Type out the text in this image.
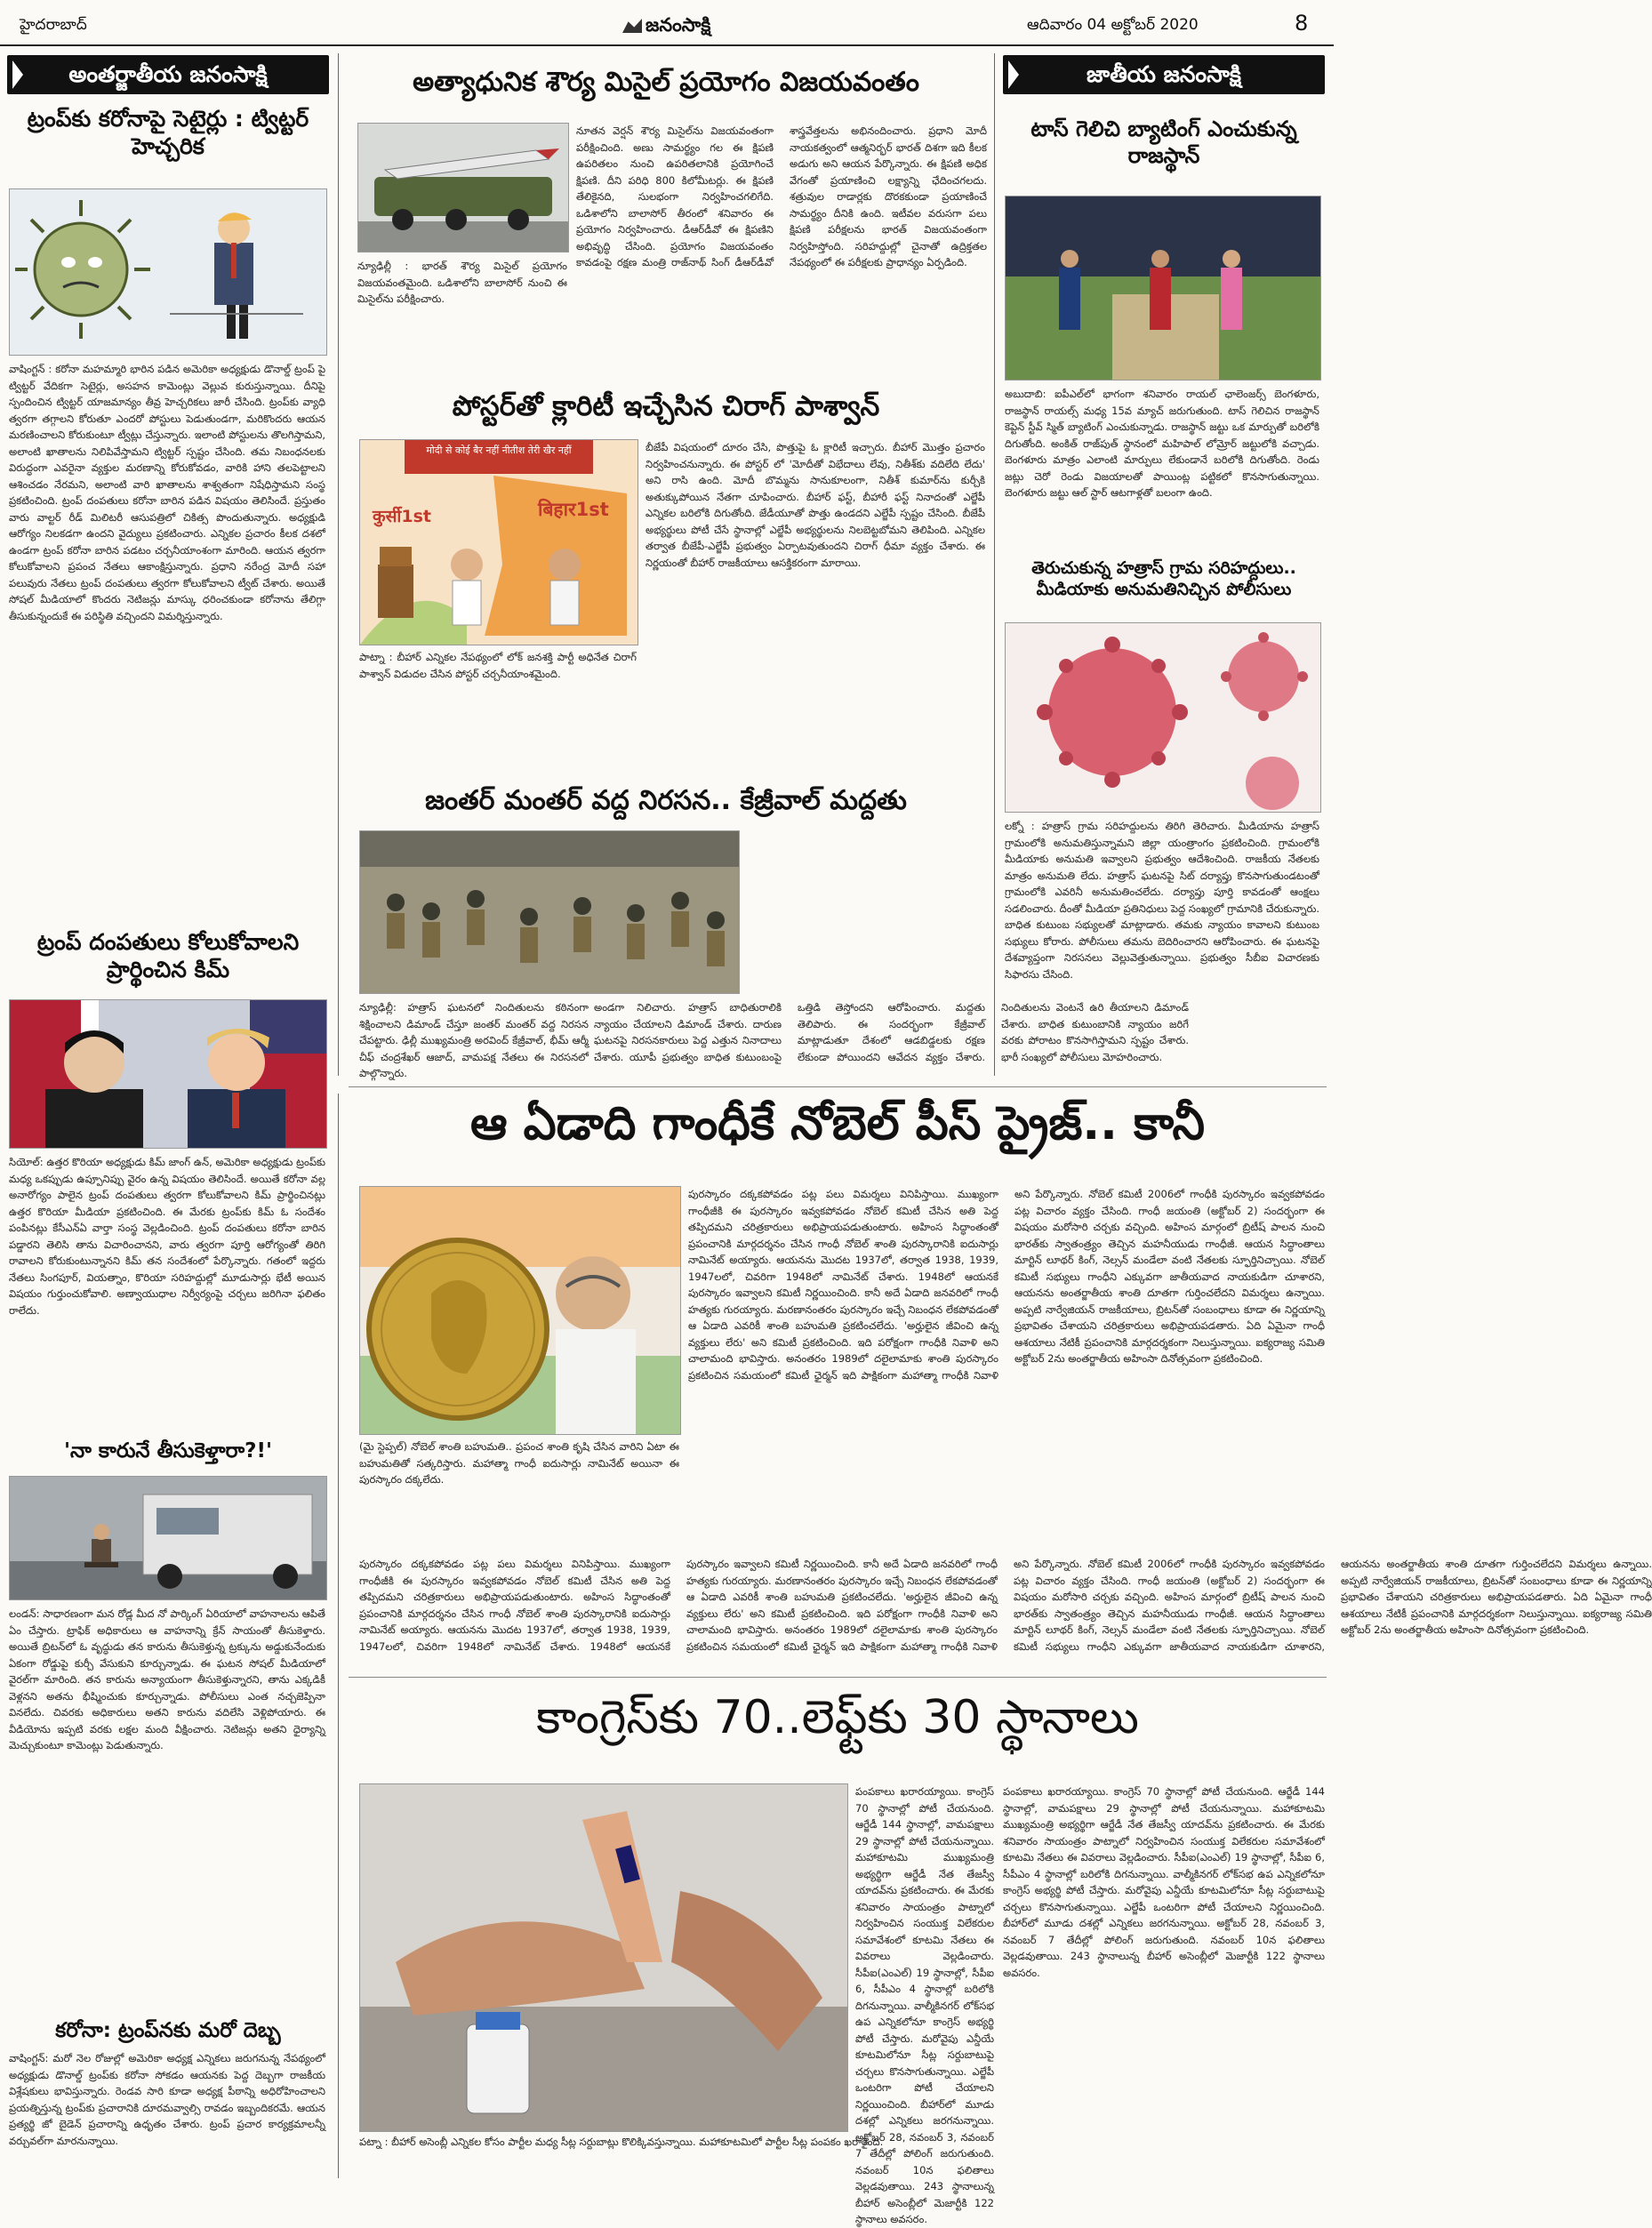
హైదరాబాద్	జనంసాక్షి	ఆదివారం 04 అక్టోబర్ 2020	8
అంతర్జాతీయ జనంసాక్షి
ట్రంప్‌కు కరోనాపై సెటైర్లు : ట్విట్టర్ హెచ్చరిక
వాషింగ్టన్ : కరోనా మహమ్మారి భారిన పడిన అమెరికా అధ్యక్షుడు డొనాల్డ్ ట్రంప్ పై ట్విట్టర్ వేదికగా సెటైర్లు, అసహన కామెంట్లు వెల్లువ కురుస్తున్నాయి. దీనిపై స్పందించిన ట్విట్టర్ యాజమాన్యం తీవ్ర హెచ్చరికలు జారీ చేసింది. ట్రంప్‌కు వ్యాధి త్వరగా తగ్గాలని కోరుతూ ఎందరో పోస్టులు పెడుతుండగా, మరికొందరు ఆయన మరణించాలని కోరుకుంటూ ట్వీట్లు చేస్తున్నారు. ఇలాంటి పోస్టులను తొలగిస్తామని, అలాంటి ఖాతాలను నిలిపివేస్తామని ట్విట్టర్ స్పష్టం చేసింది. తమ నిబంధనలకు విరుద్ధంగా ఎవరైనా వ్యక్తుల మరణాన్ని కోరుకోవడం, వారికి హాని తలపెట్టాలని ఆశించడం నేరమని, అలాంటి వారి ఖాతాలను శాశ్వతంగా నిషేధిస్తామని సంస్థ ప్రకటించింది. ట్రంప్ దంపతులు కరోనా బారిన పడిన విషయం తెలిసిందే. ప్రస్తుతం వారు వాల్టర్ రీడ్ మిలిటరీ ఆసుపత్రిలో చికిత్స పొందుతున్నారు. అధ్యక్షుడి ఆరోగ్యం నిలకడగా ఉందని వైద్యులు ప్రకటించారు. ఎన్నికల ప్రచారం కీలక దశలో ఉండగా ట్రంప్ కరోనా బారిన పడటం చర్చనీయాంశంగా మారింది. ఆయన త్వరగా కోలుకోవాలని ప్రపంచ నేతలు ఆకాంక్షిస్తున్నారు. ప్రధాని నరేంద్ర మోదీ సహా పలువురు నేతలు ట్రంప్ దంపతులు త్వరగా కోలుకోవాలని ట్వీట్ చేశారు. అయితే సోషల్ మీడియాలో కొందరు నెటిజన్లు మాస్కు ధరించకుండా కరోనాను తేలిగ్గా తీసుకున్నందుకే ఈ పరిస్థితి వచ్చిందని విమర్శిస్తున్నారు.
ట్రంప్ దంపతులు కోలుకోవాలని ప్రార్థించిన కిమ్
సియోల్: ఉత్తర కొరియా అధ్యక్షుడు కిమ్ జాంగ్ ఉన్, అమెరికా అధ్యక్షుడు ట్రంప్‌కు మధ్య ఒకప్పుడు ఉప్పూనిప్పు వైరం ఉన్న విషయం తెలిసిందే. అయితే కరోనా వల్ల అనారోగ్యం పాలైన ట్రంప్ దంపతులు త్వరగా కోలుకోవాలని కిమ్ ప్రార్థించినట్లు ఉత్తర కొరియా మీడియా ప్రకటించింది. ఈ మేరకు ట్రంప్‌కు కిమ్ ఓ సందేశం పంపినట్లు కేసీఎన్ఏ వార్తా సంస్థ వెల్లడించింది. ట్రంప్ దంపతులు కరోనా బారిన పడ్డారని తెలిసి తాను విచారించానని, వారు త్వరగా పూర్తి ఆరోగ్యంతో తిరిగి రావాలని కోరుకుంటున్నానని కిమ్ తన సందేశంలో పేర్కొన్నారు. గతంలో ఇద్దరు నేతలు సింగపూర్, వియత్నాం, కొరియా సరిహద్దుల్లో మూడుసార్లు భేటీ అయిన విషయం గుర్తుంచుకోవాలి. అణ్వాయుధాల నిర్వీర్యంపై చర్చలు జరిగినా ఫలితం రాలేదు.
'నా కారునే తీసుకెళ్తారా?!'
లండన్: సాధారణంగా మన రోడ్ల మీద నో పార్కింగ్ ఏరియాలో వాహనాలను ఆపితే ఏం చేస్తారు. ట్రాఫిక్ అధికారులు ఆ వాహనాన్ని క్రేన్ సాయంతో తీసుకెళ్తారు. అయితే బ్రిటన్‌లో ఓ వృద్ధుడు తన కారును తీసుకెళ్తున్న ట్రక్కును అడ్డుకునేందుకు ఏకంగా రోడ్డుపై కుర్చీ వేసుకుని కూర్చున్నాడు. ఈ ఘటన సోషల్ మీడియాలో వైరల్‌గా మారింది. తన కారును అన్యాయంగా తీసుకెళ్తున్నారని, తాను ఎక్కడికీ వెళ్లనని అతను భీష్మించుకు కూర్చున్నాడు. పోలీసులు ఎంత నచ్చజెప్పినా వినలేదు. చివరకు అధికారులు అతని కారును వదిలేసి వెళ్లిపోయారు. ఈ వీడియోను ఇప్పటి వరకు లక్షల మంది వీక్షించారు. నెటిజన్లు అతని ధైర్యాన్ని మెచ్చుకుంటూ కామెంట్లు పెడుతున్నారు.
కరోనా: ట్రంప్‌నకు మరో దెబ్బ
వాషింగ్టన్: మరో నెల రోజుల్లో అమెరికా అధ్యక్ష ఎన్నికలు జరుగనున్న నేపథ్యంలో అధ్యక్షుడు డొనాల్డ్ ట్రంప్‌కు కరోనా సోకడం ఆయనకు పెద్ద దెబ్బగా రాజకీయ విశ్లేషకులు భావిస్తున్నారు. రెండవ సారి కూడా అధ్యక్ష పీఠాన్ని అధిరోహించాలని ప్రయత్నిస్తున్న ట్రంప్‌కు ప్రచారానికి దూరమవ్వాల్సి రావడం ఇబ్బందికరమే. ఆయన ప్రత్యర్థి జో బైడెన్ ప్రచారాన్ని ఉధృతం చేశారు. ట్రంప్ ప్రచార కార్యక్రమాలన్నీ వర్చువల్‌గా మారనున్నాయి.
అత్యాధునిక శౌర్య మిసైల్ ప్రయోగం విజయవంతం
న్యూఢిల్లీ : భారత్ శౌర్య మిసైల్ ప్రయోగం విజయవంతమైంది. ఒడిశాలోని బాలాసోర్ నుంచి ఈ మిసైల్‌ను పరీక్షించారు.
నూతన వెర్షన్ శౌర్య మిసైల్‌ను విజయవంతంగా పరీక్షించింది. అణు సామర్థ్యం గల ఈ క్షిపణి ఉపరితలం నుంచి ఉపరితలానికి ప్రయోగించే క్షిపణి. దీని పరిధి 800 కిలోమీటర్లు. ఈ క్షిపణి తేలికైనది, సులభంగా నిర్వహించగలిగేది. ఒడిశాలోని బాలాసోర్ తీరంలో శనివారం ఈ ప్రయోగం నిర్వహించారు. డీఆర్‌డీవో ఈ క్షిపణిని అభివృద్ధి చేసింది. ప్రయోగం విజయవంతం కావడంపై రక్షణ మంత్రి రాజ్‌నాథ్ సింగ్ డీఆర్‌డీవో శాస్త్రవేత్తలను అభినందించారు. ప్రధాని మోదీ నాయకత్వంలో ఆత్మనిర్భర్ భారత్ దిశగా ఇది కీలక అడుగు అని ఆయన పేర్కొన్నారు. ఈ క్షిపణి అధిక వేగంతో ప్రయాణించి లక్ష్యాన్ని ఛేదించగలదు. శత్రువుల రాడార్లకు దొరకకుండా ప్రయాణించే సామర్థ్యం దీనికి ఉంది. ఇటీవల వరుసగా పలు క్షిపణి పరీక్షలను భారత్ విజయవంతంగా నిర్వహిస్తోంది. సరిహద్దుల్లో చైనాతో ఉద్రిక్తతల నేపథ్యంలో ఈ పరీక్షలకు ప్రాధాన్యం ఏర్పడింది.
పోస్టర్‌తో క్లారిటీ ఇచ్చేసిన చిరాగ్ పాశ్వాన్
मोदी से कोई बैर नहीं नीतीश तेरी खैर नहीं
कुर्सी1st	बिहार1st
పాట్నా : బీహార్ ఎన్నికల నేపథ్యంలో లోక్ జనశక్తి పార్టీ అధినేత చిరాగ్ పాశ్వాన్ విడుదల చేసిన పోస్టర్ చర్చనీయాంశమైంది.
బీజేపీ విషయంలో దూరం చేసి, పొత్తుపై ఓ క్లారిటీ ఇచ్చారు. బీహార్ మొత్తం ప్రచారం నిర్వహించనున్నారు. ఈ పోస్టర్ లో 'మోదీతో విభేదాలు లేవు, నితీశ్‌కు వదిలేది లేదు' అని రాసి ఉంది. మోదీ బొమ్మను సానుకూలంగా, నితీశ్ కుమార్‌ను కుర్చీకి అతుక్కుపోయిన నేతగా చూపించారు. బీహార్ ఫస్ట్, బీహారీ ఫస్ట్ నినాదంతో ఎల్జేపీ ఎన్నికల బరిలోకి దిగుతోంది. జేడీయూతో పొత్తు ఉండదని ఎల్జేపీ స్పష్టం చేసింది. బీజేపీ అభ్యర్థులు పోటీ చేసే స్థానాల్లో ఎల్జేపీ అభ్యర్థులను నిలబెట్టబోమని తెలిపింది. ఎన్నికల తర్వాత బీజేపీ-ఎల్జేపీ ప్రభుత్వం ఏర్పాటవుతుందని చిరాగ్ ధీమా వ్యక్తం చేశారు. ఈ నిర్ణయంతో బీహార్ రాజకీయాలు ఆసక్తికరంగా మారాయి.
జంతర్ మంతర్ వద్ద నిరసన.. కేజ్రీవాల్ మద్దతు
న్యూఢిల్లీ: హత్రాస్ ఘటనలో నిందితులను కఠినంగా శిక్షించాలని డిమాండ్ చేస్తూ జంతర్ మంతర్ వద్ద నిరసన చేపట్టారు. ఢిల్లీ ముఖ్యమంత్రి అరవింద్ కేజ్రీవాల్, భీమ్ ఆర్మీ చీఫ్ చంద్రశేఖర్ ఆజాద్, వామపక్ష నేతలు ఈ నిరసనలో పాల్గొన్నారు.
అండగా నిలిచారు. హత్రాస్ బాధితురాలికి న్యాయం చేయాలని డిమాండ్ చేశారు. దారుణ ఘటనపై నిరసనకారులు పెద్ద ఎత్తున నినాదాలు చేశారు. యూపీ ప్రభుత్వం బాధిత కుటుంబంపై ఒత్తిడి తెస్తోందని ఆరోపించారు. మద్దతు తెలిపారు. ఈ సందర్భంగా కేజ్రీవాల్ మాట్లాడుతూ దేశంలో ఆడబిడ్డలకు రక్షణ లేకుండా పోయిందని ఆవేదన వ్యక్తం చేశారు. నిందితులను వెంటనే ఉరి తీయాలని డిమాండ్ చేశారు. బాధిత కుటుంబానికి న్యాయం జరిగే వరకు పోరాటం కొనసాగిస్తామని స్పష్టం చేశారు. భారీ సంఖ్యలో పోలీసులు మోహరించారు.
జాతీయ జనంసాక్షి
టాస్ గెలిచి బ్యాటింగ్ ఎంచుకున్న రాజస్థాన్
అబుదాబి: ఐపీఎల్‌లో భాగంగా శనివారం రాయల్ ఛాలెంజర్స్ బెంగళూరు, రాజస్థాన్ రాయల్స్ మధ్య 15వ మ్యాచ్ జరుగుతుంది. టాస్ గెలిచిన రాజస్థాన్ కెప్టెన్ స్టీవ్ స్మిత్ బ్యాటింగ్ ఎంచుకున్నాడు. రాజస్థాన్ జట్టు ఒక మార్పుతో బరిలోకి దిగుతోంది. అంకిత్ రాజ్‌పుత్ స్థానంలో మహిపాల్ లోమ్రోర్ జట్టులోకి వచ్చాడు. బెంగళూరు మాత్రం ఎలాంటి మార్పులు లేకుండానే బరిలోకి దిగుతోంది. రెండు జట్లు చెరో రెండు విజయాలతో పాయింట్ల పట్టికలో కొనసాగుతున్నాయి. బెంగళూరు జట్టు ఆల్ స్టార్ ఆటగాళ్లతో బలంగా ఉంది.
తెరుచుకున్న హత్రాస్ గ్రామ సరిహద్దులు.. మీడియాకు అనుమతినిచ్చిన పోలీసులు
లక్నో : హత్రాస్ గ్రామ సరిహద్దులను తిరిగి తెరిచారు. మీడియాను హత్రాస్ గ్రామంలోకి అనుమతిస్తున్నామని జిల్లా యంత్రాంగం ప్రకటించింది. గ్రామంలోకి మీడియాకు అనుమతి ఇవ్వాలని ప్రభుత్వం ఆదేశించింది. రాజకీయ నేతలకు మాత్రం అనుమతి లేదు. హత్రాస్ ఘటనపై సిట్ దర్యాప్తు కొనసాగుతుండటంతో గ్రామంలోకి ఎవరినీ అనుమతించలేదు. దర్యాప్తు పూర్తి కావడంతో ఆంక్షలు సడలించారు. దీంతో మీడియా ప్రతినిధులు పెద్ద సంఖ్యలో గ్రామానికి చేరుకున్నారు. బాధిత కుటుంబ సభ్యులతో మాట్లాడారు. తమకు న్యాయం కావాలని కుటుంబ సభ్యులు కోరారు. పోలీసులు తమను బెదిరించారని ఆరోపించారు. ఈ ఘటనపై దేశవ్యాప్తంగా నిరసనలు వెల్లువెత్తుతున్నాయి. ప్రభుత్వం సీబీఐ విచారణకు సిఫారసు చేసింది.
ఆ ఏడాది గాంధీకే నోబెల్ పీస్ ప్రైజ్.. కానీ
(మై స్టెప్పల్) నోబెల్ శాంతి బహుమతి.. ప్రపంచ శాంతి కృషి చేసిన వారిని ఏటా ఈ బహుమతితో సత్కరిస్తారు. మహాత్మా గాంధీ ఐదుసార్లు నామినేట్ అయినా ఈ పురస్కారం దక్కలేదు.
పురస్కారం దక్కకపోవడం పట్ల పలు విమర్శలు వినిపిస్తాయి. ముఖ్యంగా గాంధీజీకి ఈ పురస్కారం ఇవ్వకపోవడం నోబెల్ కమిటీ చేసిన అతి పెద్ద తప్పిదమని చరిత్రకారులు అభిప్రాయపడుతుంటారు. అహింస సిద్ధాంతంతో ప్రపంచానికి మార్గదర్శనం చేసిన గాంధీ నోబెల్ శాంతి పురస్కారానికి ఐదుసార్లు నామినేట్ అయ్యారు. ఆయనను మొదట 1937లో, తర్వాత 1938, 1939, 1947లలో, చివరిగా 1948లో నామినేట్ చేశారు. 1948లో ఆయనకే పురస్కారం ఇవ్వాలని కమిటీ నిర్ణయించింది. కానీ అదే ఏడాది జనవరిలో గాంధీ హత్యకు గురయ్యారు. మరణానంతరం పురస్కారం ఇచ్చే నిబంధన లేకపోవడంతో ఆ ఏడాది ఎవరికీ శాంతి బహుమతి ప్రకటించలేదు. 'అర్హులైన జీవించి ఉన్న వ్యక్తులు లేరు' అని కమిటీ ప్రకటించింది. ఇది పరోక్షంగా గాంధీకి నివాళి అని చాలామంది భావిస్తారు. అనంతరం 1989లో దలైలామాకు శాంతి పురస్కారం ప్రకటించిన సమయంలో కమిటీ ఛైర్మన్ ఇది పాక్షికంగా మహాత్మా గాంధీకి నివాళి అని పేర్కొన్నారు. నోబెల్ కమిటీ 2006లో గాంధీకి పురస్కారం ఇవ్వకపోవడం పట్ల విచారం వ్యక్తం చేసింది. గాంధీ జయంతి (అక్టోబర్ 2) సందర్భంగా ఈ విషయం మరోసారి చర్చకు వచ్చింది. అహింస మార్గంలో బ్రిటీష్ పాలన నుంచి భారత్‌కు స్వాతంత్ర్యం తెచ్చిన మహనీయుడు గాంధీజీ. ఆయన సిద్ధాంతాలు మార్టిన్ లూథర్ కింగ్, నెల్సన్ మండేలా వంటి నేతలకు స్ఫూర్తినిచ్చాయి. నోబెల్ కమిటీ సభ్యులు గాంధీని ఎక్కువగా జాతీయవాద నాయకుడిగా చూశారని, ఆయనను అంతర్జాతీయ శాంతి దూతగా గుర్తించలేదని విమర్శలు ఉన్నాయి. అప్పటి నార్వేజియన్ రాజకీయాలు, బ్రిటన్‌తో సంబంధాలు కూడా ఈ నిర్ణయాన్ని ప్రభావితం చేశాయని చరిత్రకారులు అభిప్రాయపడతారు. ఏది ఏమైనా గాంధీ ఆశయాలు నేటికీ ప్రపంచానికి మార్గదర్శకంగా నిలుస్తున్నాయి. ఐక్యరాజ్య సమితి అక్టోబర్ 2ను అంతర్జాతీయ అహింసా దినోత్సవంగా ప్రకటించింది.
పురస్కారం దక్కకపోవడం పట్ల పలు విమర్శలు వినిపిస్తాయి. ముఖ్యంగా గాంధీజీకి ఈ పురస్కారం ఇవ్వకపోవడం నోబెల్ కమిటీ చేసిన అతి పెద్ద తప్పిదమని చరిత్రకారులు అభిప్రాయపడుతుంటారు. అహింస సిద్ధాంతంతో ప్రపంచానికి మార్గదర్శనం చేసిన గాంధీ నోబెల్ శాంతి పురస్కారానికి ఐదుసార్లు నామినేట్ అయ్యారు. ఆయనను మొదట 1937లో, తర్వాత 1938, 1939, 1947లలో, చివరిగా 1948లో నామినేట్ చేశారు. 1948లో ఆయనకే పురస్కారం ఇవ్వాలని కమిటీ నిర్ణయించింది. కానీ అదే ఏడాది జనవరిలో గాంధీ హత్యకు గురయ్యారు. మరణానంతరం పురస్కారం ఇచ్చే నిబంధన లేకపోవడంతో ఆ ఏడాది ఎవరికీ శాంతి బహుమతి ప్రకటించలేదు. 'అర్హులైన జీవించి ఉన్న వ్యక్తులు లేరు' అని కమిటీ ప్రకటించింది. ఇది పరోక్షంగా గాంధీకి నివాళి అని చాలామంది భావిస్తారు. అనంతరం 1989లో దలైలామాకు శాంతి పురస్కారం ప్రకటించిన సమయంలో కమిటీ ఛైర్మన్ ఇది పాక్షికంగా మహాత్మా గాంధీకి నివాళి అని పేర్కొన్నారు. నోబెల్ కమిటీ 2006లో గాంధీకి పురస్కారం ఇవ్వకపోవడం పట్ల విచారం వ్యక్తం చేసింది. గాంధీ జయంతి (అక్టోబర్ 2) సందర్భంగా ఈ విషయం మరోసారి చర్చకు వచ్చింది. అహింస మార్గంలో బ్రిటీష్ పాలన నుంచి భారత్‌కు స్వాతంత్ర్యం తెచ్చిన మహనీయుడు గాంధీజీ. ఆయన సిద్ధాంతాలు మార్టిన్ లూథర్ కింగ్, నెల్సన్ మండేలా వంటి నేతలకు స్ఫూర్తినిచ్చాయి. నోబెల్ కమిటీ సభ్యులు గాంధీని ఎక్కువగా జాతీయవాద నాయకుడిగా చూశారని, ఆయనను అంతర్జాతీయ శాంతి దూతగా గుర్తించలేదని విమర్శలు ఉన్నాయి. అప్పటి నార్వేజియన్ రాజకీయాలు, బ్రిటన్‌తో సంబంధాలు కూడా ఈ నిర్ణయాన్ని ప్రభావితం చేశాయని చరిత్రకారులు అభిప్రాయపడతారు. ఏది ఏమైనా గాంధీ ఆశయాలు నేటికీ ప్రపంచానికి మార్గదర్శకంగా నిలుస్తున్నాయి. ఐక్యరాజ్య సమితి అక్టోబర్ 2ను అంతర్జాతీయ అహింసా దినోత్సవంగా ప్రకటించింది.
కాంగ్రెస్‌కు 70..లెఫ్ట్‌కు 30 స్థానాలు
పంపకాలు ఖరారయ్యాయి. కాంగ్రెస్ 70 స్థానాల్లో పోటీ చేయనుంది. ఆర్జేడీ 144 స్థానాల్లో, వామపక్షాలు 29 స్థానాల్లో పోటీ చేయనున్నాయి. మహాకూటమి ముఖ్యమంత్రి అభ్యర్థిగా ఆర్జేడీ నేత తేజస్వీ యాదవ్‌ను ప్రకటించారు. ఈ మేరకు శనివారం సాయంత్రం పాట్నాలో నిర్వహించిన సంయుక్త విలేకరుల సమావేశంలో కూటమి నేతలు ఈ వివరాలు వెల్లడించారు. సీపీఐ(ఎంఎల్) 19 స్థానాల్లో, సీపీఐ 6, సీపీఎం 4 స్థానాల్లో బరిలోకి దిగనున్నాయి. వాల్మీకినగర్ లోక్‌సభ ఉప ఎన్నికలోనూ కాంగ్రెస్ అభ్యర్థి పోటీ చేస్తారు. మరోవైపు ఎన్డీయే కూటమిలోనూ సీట్ల సర్దుబాటుపై చర్చలు కొనసాగుతున్నాయి. ఎల్జేపీ ఒంటరిగా పోటీ చేయాలని నిర్ణయించింది. బీహార్‌లో మూడు దశల్లో ఎన్నికలు జరగనున్నాయి. అక్టోబర్ 28, నవంబర్ 3, నవంబర్ 7 తేదీల్లో పోలింగ్ జరుగుతుంది. నవంబర్ 10న ఫలితాలు వెల్లడవుతాయి. 243 స్థానాలున్న బీహార్ అసెంబ్లీలో మెజార్టీకి 122 స్థానాలు అవసరం.
పంపకాలు ఖరారయ్యాయి. కాంగ్రెస్ 70 స్థానాల్లో పోటీ చేయనుంది. ఆర్జేడీ 144 స్థానాల్లో, వామపక్షాలు 29 స్థానాల్లో పోటీ చేయనున్నాయి. మహాకూటమి ముఖ్యమంత్రి అభ్యర్థిగా ఆర్జేడీ నేత తేజస్వీ యాదవ్‌ను ప్రకటించారు. ఈ మేరకు శనివారం సాయంత్రం పాట్నాలో నిర్వహించిన సంయుక్త విలేకరుల సమావేశంలో కూటమి నేతలు ఈ వివరాలు వెల్లడించారు. సీపీఐ(ఎంఎల్) 19 స్థానాల్లో, సీపీఐ 6, సీపీఎం 4 స్థానాల్లో బరిలోకి దిగనున్నాయి. వాల్మీకినగర్ లోక్‌సభ ఉప ఎన్నికలోనూ కాంగ్రెస్ అభ్యర్థి పోటీ చేస్తారు. మరోవైపు ఎన్డీయే కూటమిలోనూ సీట్ల సర్దుబాటుపై చర్చలు కొనసాగుతున్నాయి. ఎల్జేపీ ఒంటరిగా పోటీ చేయాలని నిర్ణయించింది. బీహార్‌లో మూడు దశల్లో ఎన్నికలు జరగనున్నాయి. అక్టోబర్ 28, నవంబర్ 3, నవంబర్ 7 తేదీల్లో పోలింగ్ జరుగుతుంది. నవంబర్ 10న ఫలితాలు వెల్లడవుతాయి. 243 స్థానాలున్న బీహార్ అసెంబ్లీలో మెజార్టీకి 122 స్థానాలు అవసరం.
పట్నా : బీహార్ అసెంబ్లీ ఎన్నికల కోసం పార్టీల మధ్య సీట్ల సర్దుబాట్లు కొలిక్కివస్తున్నాయి. మహాకూటమిలో పార్టీల సీట్ల పంపకం ఖరారైంది.
